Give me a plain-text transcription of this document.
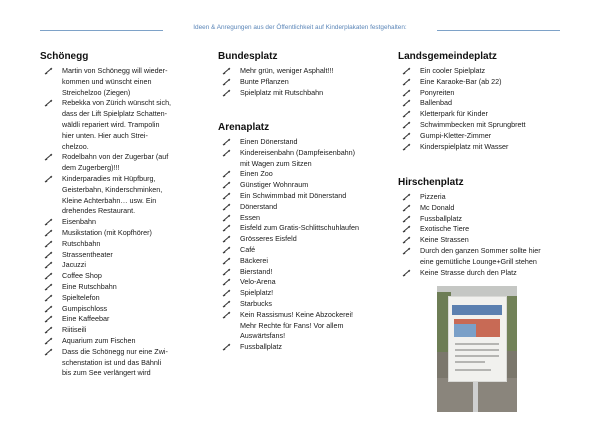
Ideen & Anregungen aus der Öffentlichkeit auf Kinderplakaten festgehalten:
Schönegg
Martin von Schönegg will wieder-
kommen und wünscht einen
Streichelzoo (Ziegen)
Rebekka von Zürich wünscht sich,
dass der Lift Spielplatz Schatten-
wäldli repariert wird. Trampolin
hier unten. Hier auch Strei-
chelzoo.
Rodelbahn von der Zugerbar (auf
dem Zugerberg)!!!
Kinderparadies mit Hüpfburg,
Geisterbahn, Kinderschminken,
Kleine Achterbahn… usw. Ein
drehendes Restaurant.
Eisenbahn
Musikstation (mit Kopfhörer)
Rutschbahn
Strassentheater
Jacuzzi
Coffee Shop
Eine Rutschbahn
Spieltelefon
Gumpischloss
Eine Kaffeebar
Riitiseili
Aquarium zum Fischen
Dass die Schönegg nur eine Zwi-
schenstation ist und das Bähnli
bis zum See verlängert wird
Bundesplatz
Mehr grün, weniger Asphalt!!!
Bunte Pflanzen
Spielplatz mit Rutschbahn
Arenaplatz
Einen Dönerstand
Kindereisenbahn (Dampfeisenbahn)
mit Wagen zum Sitzen
Einen Zoo
Günstiger Wohnraum
Ein Schwimmbad mit Dönerstand
Dönerstand
Essen
Eisfeld zum Gratis-Schlittschuhlaufen
Grösseres Eisfeld
Café
Bäckerei
Bierstand!
Velo-Arena
Spielplatz!
Starbucks
Kein Rassismus! Keine Abzockerei!
Mehr Rechte für Fans! Vor allem
Auswärtsfans!
Fussballplatz
Landsgemeindeplatz
Ein cooler Spielplatz
Eine Karaoke-Bar (ab 22)
Ponyreiten
Ballenbad
Kletterpark für Kinder
Schwimmbecken mit Sprungbrett
Gumpi-Kletter-Zimmer
Kinderspielplatz mit Wasser
Hirschenplatz
Pizzeria
Mc Donald
Fussballplatz
Exotische Tiere
Keine Strassen
Durch den ganzen Sommer sollte hier
eine gemütliche Lounge+Grill stehen
Keine Strasse durch den Platz
